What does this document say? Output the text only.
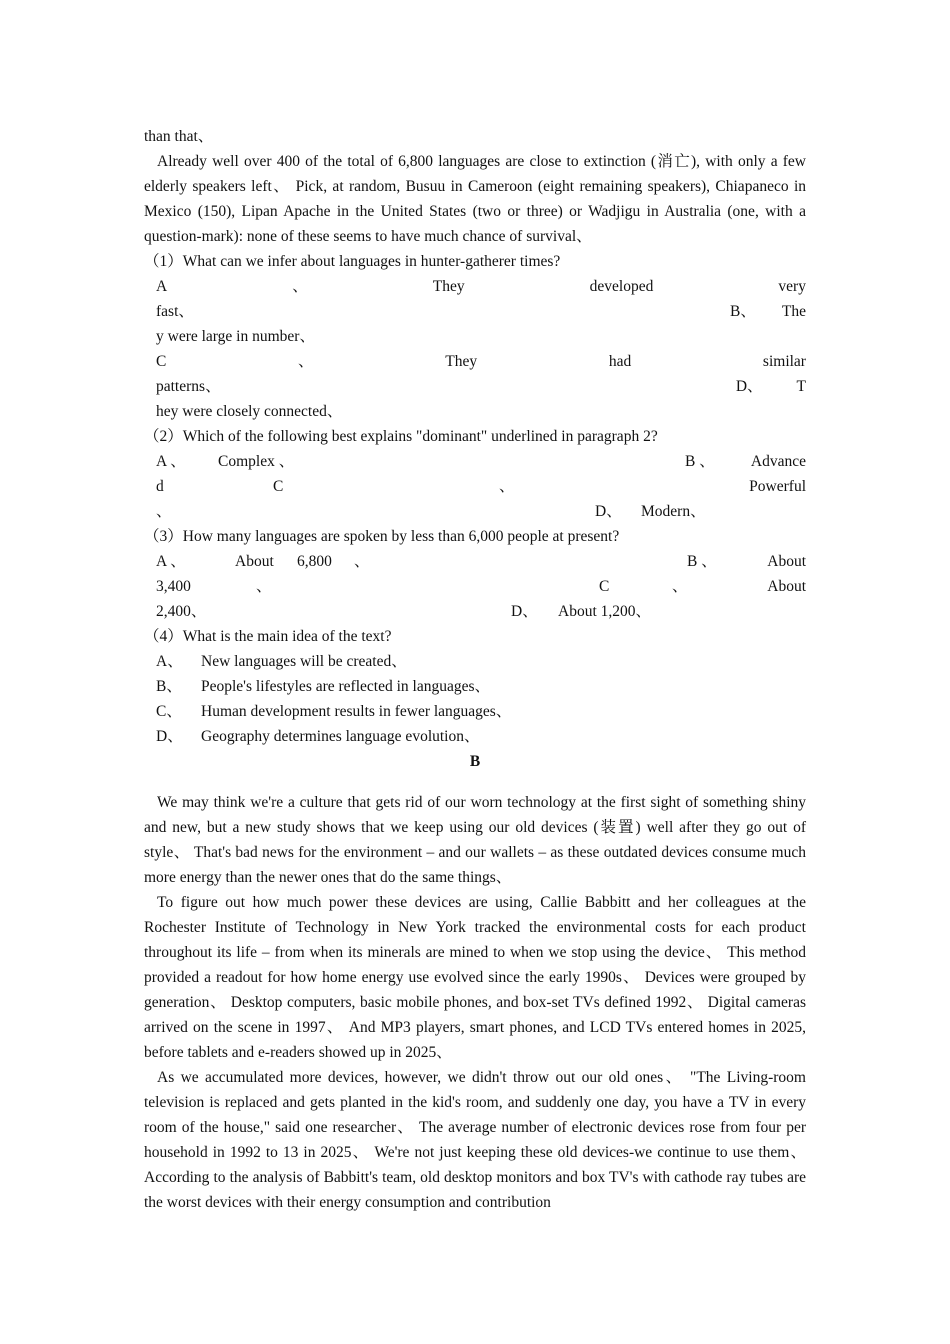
than that、

Already well over 400 of the total of 6,800 languages are close to extinction (消亡), with only a few elderly speakers left、 Pick, at random, Busuu in Cameroon (eight remaining speakers), Chiapaneco in Mexico (150), Lipan Apache in the United States (two or three) or Wadjigu in Australia (one, with a question-mark): none of these seems to have much chance of survival、

（1）What can we infer about languages in hunter-gatherer times?
A	、	They	developed	very
fast、	B、 The
y were large in number、
C	、	They	had	similar
patterns、	D、 T
hey were closely connected、
（2）Which of the following best explains "dominant" underlined in paragraph 2?
A 、 Complex 、	B 、 Advance
d	C	、	Powerful
、	D、 Modern、
（3）How many languages are spoken by less than 6,000 people at present?
A 、	About 6,800 、	B 、	About
3,400	、	C	、	About
2,400、	D、 About 1,200、
（4）What is the main idea of the text?
A、	New languages will be created、
B、	People's lifestyles are reflected in languages、
C、	Human development results in fewer languages、
D、	Geography determines language evolution、
B

We may think we're a culture that gets rid of our worn technology at the first sight of something shiny and new, but a new study shows that we keep using our old devices (装置) well after they go out of style、 That's bad news for the environment – and our wallets – as these outdated devices consume much more energy than the newer ones that do the same things、

To figure out how much power these devices are using, Callie Babbitt and her colleagues at the Rochester Institute of Technology in New York tracked the environmental costs for each product throughout its life – from when its minerals are mined to when we stop using the device、 This method provided a readout for how home energy use evolved since the early 1990s、 Devices were grouped by generation、 Desktop computers, basic mobile phones, and box-set TVs defined 1992、 Digital cameras arrived on the scene in 1997、 And MP3 players, smart phones, and LCD TVs entered homes in 2025, before tablets and e-readers showed up in 2025、

As we accumulated more devices, however, we didn't throw out our old ones、 "The Living-room television is replaced and gets planted in the kid's room, and suddenly one day, you have a TV in every room of the house," said one researcher、 The average number of electronic devices rose from four per household in 1992 to 13 in 2025、 We're not just keeping these old devices-we continue to use them、 According to the analysis of Babbitt's team, old desktop monitors and box TV's with cathode ray tubes are the worst devices with their energy consumption and contribution
